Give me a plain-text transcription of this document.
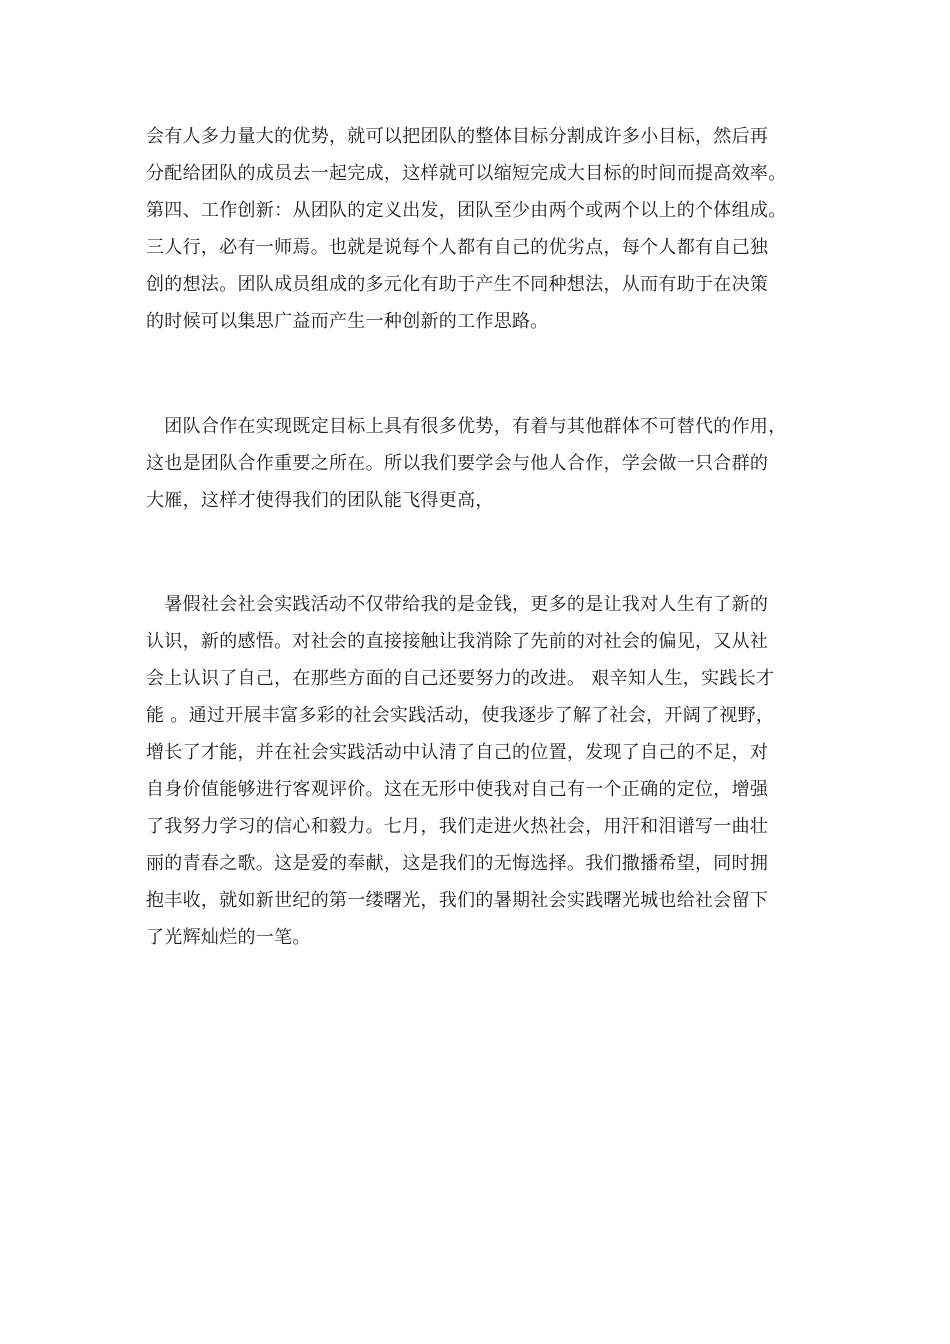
会有人多力量大的优势，就可以把团队的整体目标分割成许多小目标，然后再
分配给团队的成员去一起完成，这样就可以缩短完成大目标的时间而提高效率。
第四、工作创新：从团队的定义出发，团队至少由两个或两个以上的个体组成。
三人行，必有一师焉。也就是说每个人都有自己的优劣点，每个人都有自己独
创的想法。团队成员组成的多元化有助于产生不同种想法，从而有助于在决策
的时候可以集思广益而产生一种创新的工作思路。
　团队合作在实现既定目标上具有很多优势，有着与其他群体不可替代的作用，
这也是团队合作重要之所在。所以我们要学会与他人合作，学会做一只合群的
大雁，这样才使得我们的团队能飞得更高，
　暑假社会社会实践活动不仅带给我的是金钱，更多的是让我对人生有了新的
认识，新的感悟。对社会的直接接触让我消除了先前的对社会的偏见，又从社
会上认识了自己，在那些方面的自己还要努力的改进。 艰辛知人生，实践长才
能 。通过开展丰富多彩的社会实践活动，使我逐步了解了社会，开阔了视野，
增长了才能，并在社会实践活动中认清了自己的位置，发现了自己的不足，对
自身价值能够进行客观评价。这在无形中使我对自己有一个正确的定位，增强
了我努力学习的信心和毅力。七月，我们走进火热社会，用汗和泪谱写一曲壮
丽的青春之歌。这是爱的奉献，这是我们的无悔选择。我们撒播希望，同时拥
抱丰收，就如新世纪的第一缕曙光，我们的暑期社会实践曙光城也给社会留下
了光辉灿烂的一笔。
